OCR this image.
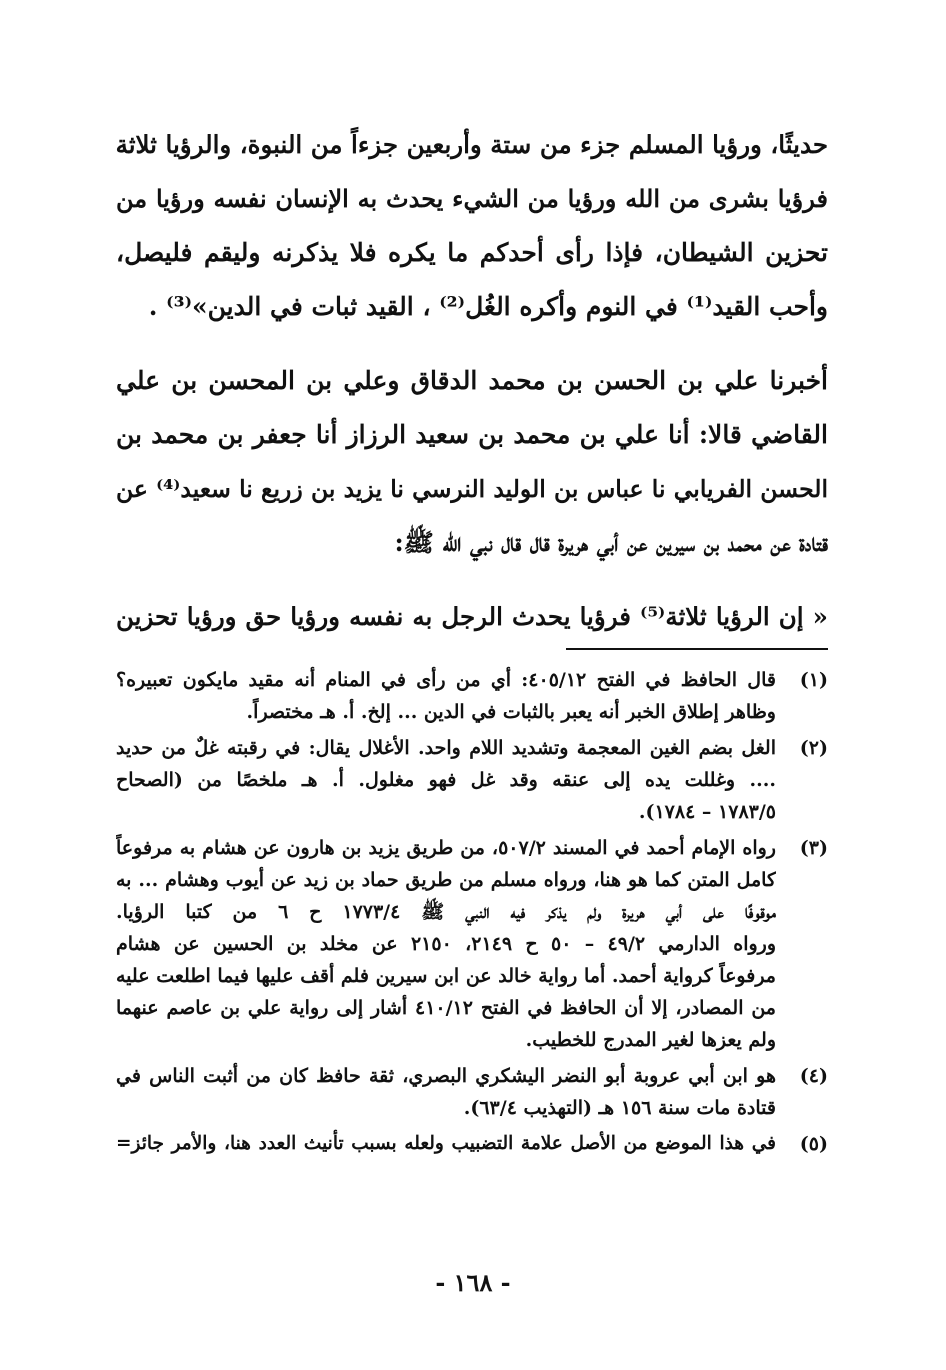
حديثًا، ورؤيا المسلم جزء من ستة وأربعين جزءاً من النبوة، والرؤيا ثلاثة
فرؤيا بشرى من الله ورؤيا من الشيء يحدث به الإنسان نفسه ورؤيا من
تحزين الشيطان، فإذا رأى أحدكم ما يكره فلا يذكرنه وليقم فليصل،
وأحب القيد⁽¹⁾ في النوم وأكره الغُل⁽²⁾ ، القيد ثبات في الدين»⁽³⁾ .
أخبرنا علي بن الحسن بن محمد الدقاق وعلي بن المحسن بن علي
القاضي قالا: أنا علي بن محمد بن سعيد الرزاز أنا جعفر بن محمد بن
الحسن الفريابي نا عباس بن الوليد النرسي نا يزيد بن زريع نا سعيد⁽⁴⁾ عن
قتادة عن محمد بن سيرين عن أبي هريرة قال قال نبي الله ﷺ:
« إن الرؤيا ثلاثة⁽⁵⁾ فرؤيا يحدث الرجل به نفسه ورؤيا حق ورؤيا تحزين
(١)
قال الحافظ في الفتح ٤٠٥/١٢: أي من رأى في المنام أنه مقيد مايكون تعبيره؟
وظاهر إطلاق الخبر أنه يعبر بالثبات في الدين ... إلخ. أ. هـ مختصراً.
(٢)
الغل بضم الغين المعجمة وتشديد اللام واحد. الأغلال يقال: في رقبته غلٌ من حديد
.... وغللت يده إلى عنقه وقد غل فهو مغلول. أ. هـ ملخصًا من (الصحاح
١٧٨٣/٥ – ١٧٨٤).
(٣)
رواه الإمام أحمد في المسند ٥٠٧/٢، من طريق يزيد بن هارون عن هشام به مرفوعاً
كامل المتن كما هو هنا، ورواه مسلم من طريق حماد بن زيد عن أيوب وهشام ... به
موقوفًا على أبي هريرة ولم يذكر فيه النبي ﷺ ١٧٧٣/٤ ح ٦ من كتبا الرؤيا.
ورواه الدارمي ٤٩/٢ – ٥٠ ح ٢١٤٩، ٢١٥٠ عن مخلد بن الحسين عن هشام
مرفوعاً كرواية أحمد. أما رواية خالد عن ابن سيرين فلم أقف عليها فيما اطلعت عليه
من المصادر، إلا أن الحافظ في الفتح ٤١٠/١٢ أشار إلى رواية علي بن عاصم عنهما
ولم يعزها لغير المدرج للخطيب.
(٤)
هو ابن أبي عروبة أبو النضر اليشكري البصري، ثقة حافظ كان من أثبت الناس في
قتادة مات سنة ١٥٦ هـ (التهذيب ٦٣/٤).
(٥)
في هذا الموضع من الأصل علامة التضبيب ولعله بسبب تأنيث العدد هنا، والأمر جائز=
- ١٦٨ -
